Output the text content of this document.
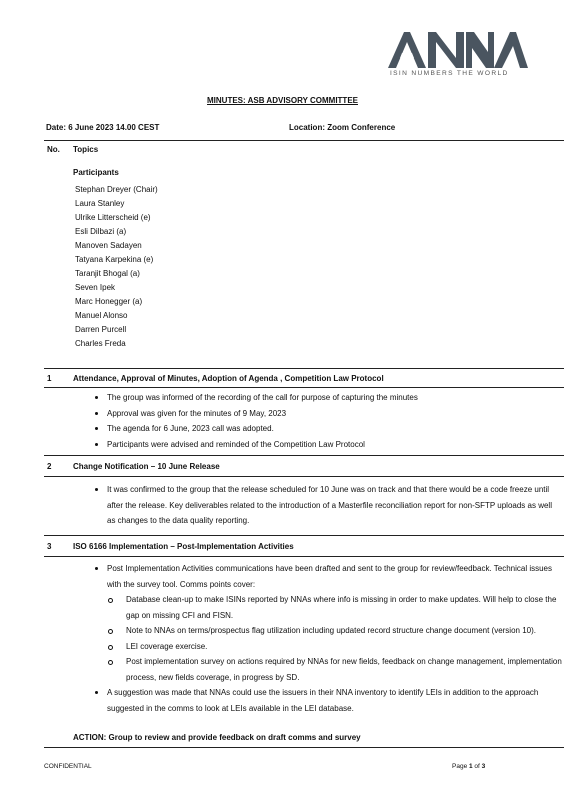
ISIN NUMBERS THE WORLD
MINUTES: ASB ADVISORY COMMITTEE
Date: 6 June 2023 14.00 CEST	Location: Zoom Conference
No. Topics
Participants
Stephan Dreyer (Chair)
Laura Stanley
Ulrike Litterscheid (e)
Esli Dilbazi (a)
Manoven Sadayen
Tatyana Karpekina (e)
Taranjit Bhogal (a)
Seven Ipek
Marc Honegger (a)
Manuel Alonso
Darren Purcell
Charles Freda
1	Attendance, Approval of Minutes, Adoption of Agenda , Competition Law Protocol
The group was informed of the recording of the call for purpose of capturing the minutes
Approval was given for the minutes of 9 May, 2023
The agenda for 6 June, 2023 call was adopted.
Participants were advised and reminded of the Competition Law Protocol
2	Change Notification – 10 June Release
It was confirmed to the group that the release scheduled for 10 June was on track and that there would be a code freeze until after the release. Key deliverables related to the introduction of a Masterfile reconciliation report for non-SFTP uploads as well as changes to the data quality reporting.
3	ISO 6166 Implementation – Post-Implementation Activities
Post Implementation Activities communications have been drafted and sent to the group for review/feedback. Technical issues with the survey tool. Comms points cover:
Database clean-up to make ISINs reported by NNAs where info is missing in order to make updates. Will help to close the gap on missing CFI and FISN.
Note to NNAs on terms/prospectus flag utilization including updated record structure change document (version 10).
LEI coverage exercise.
Post implementation survey on actions required by NNAs for new fields, feedback on change management, implementation process, new fields coverage, in progress by SD.
A suggestion was made that NNAs could use the issuers in their NNA inventory to identify LEIs in addition to the approach suggested in the comms to look at LEIs available in the LEI database.
ACTION: Group to review and provide feedback on draft comms and survey
CONFIDENTIAL	Page 1 of 3
